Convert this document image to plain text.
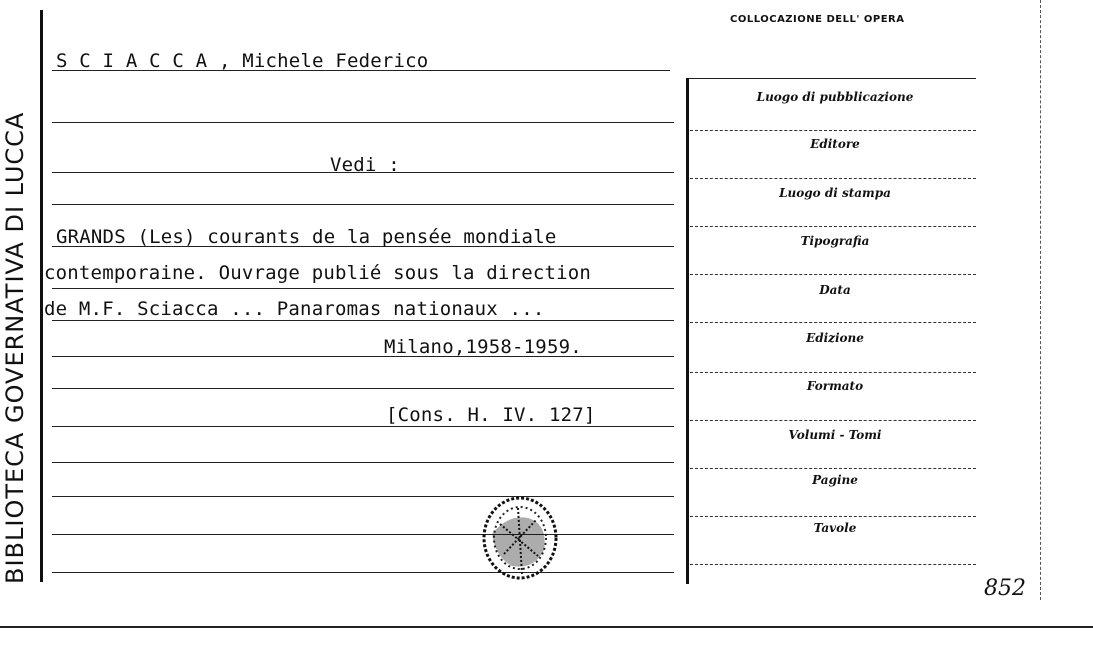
BIBLIOTECA GOVERNATIVA DI LUCCA
S C I A C C A , Michele Federico
Vedi :
GRANDS (Les) courants de la pensée mondiale
contemporaine. Ouvrage publié sous la direction
de M.F. Sciacca ... Panaromas nationaux ...
Milano,1958-1959.
[Cons. H. IV. 127]
COLLOCAZIONE DELL' OPERA
Luogo di pubblicazione
Editore
Luogo di stampa
Tipografia
Data
Edizione
Formato
Volumi - Tomi
Pagine
Tavole
852
